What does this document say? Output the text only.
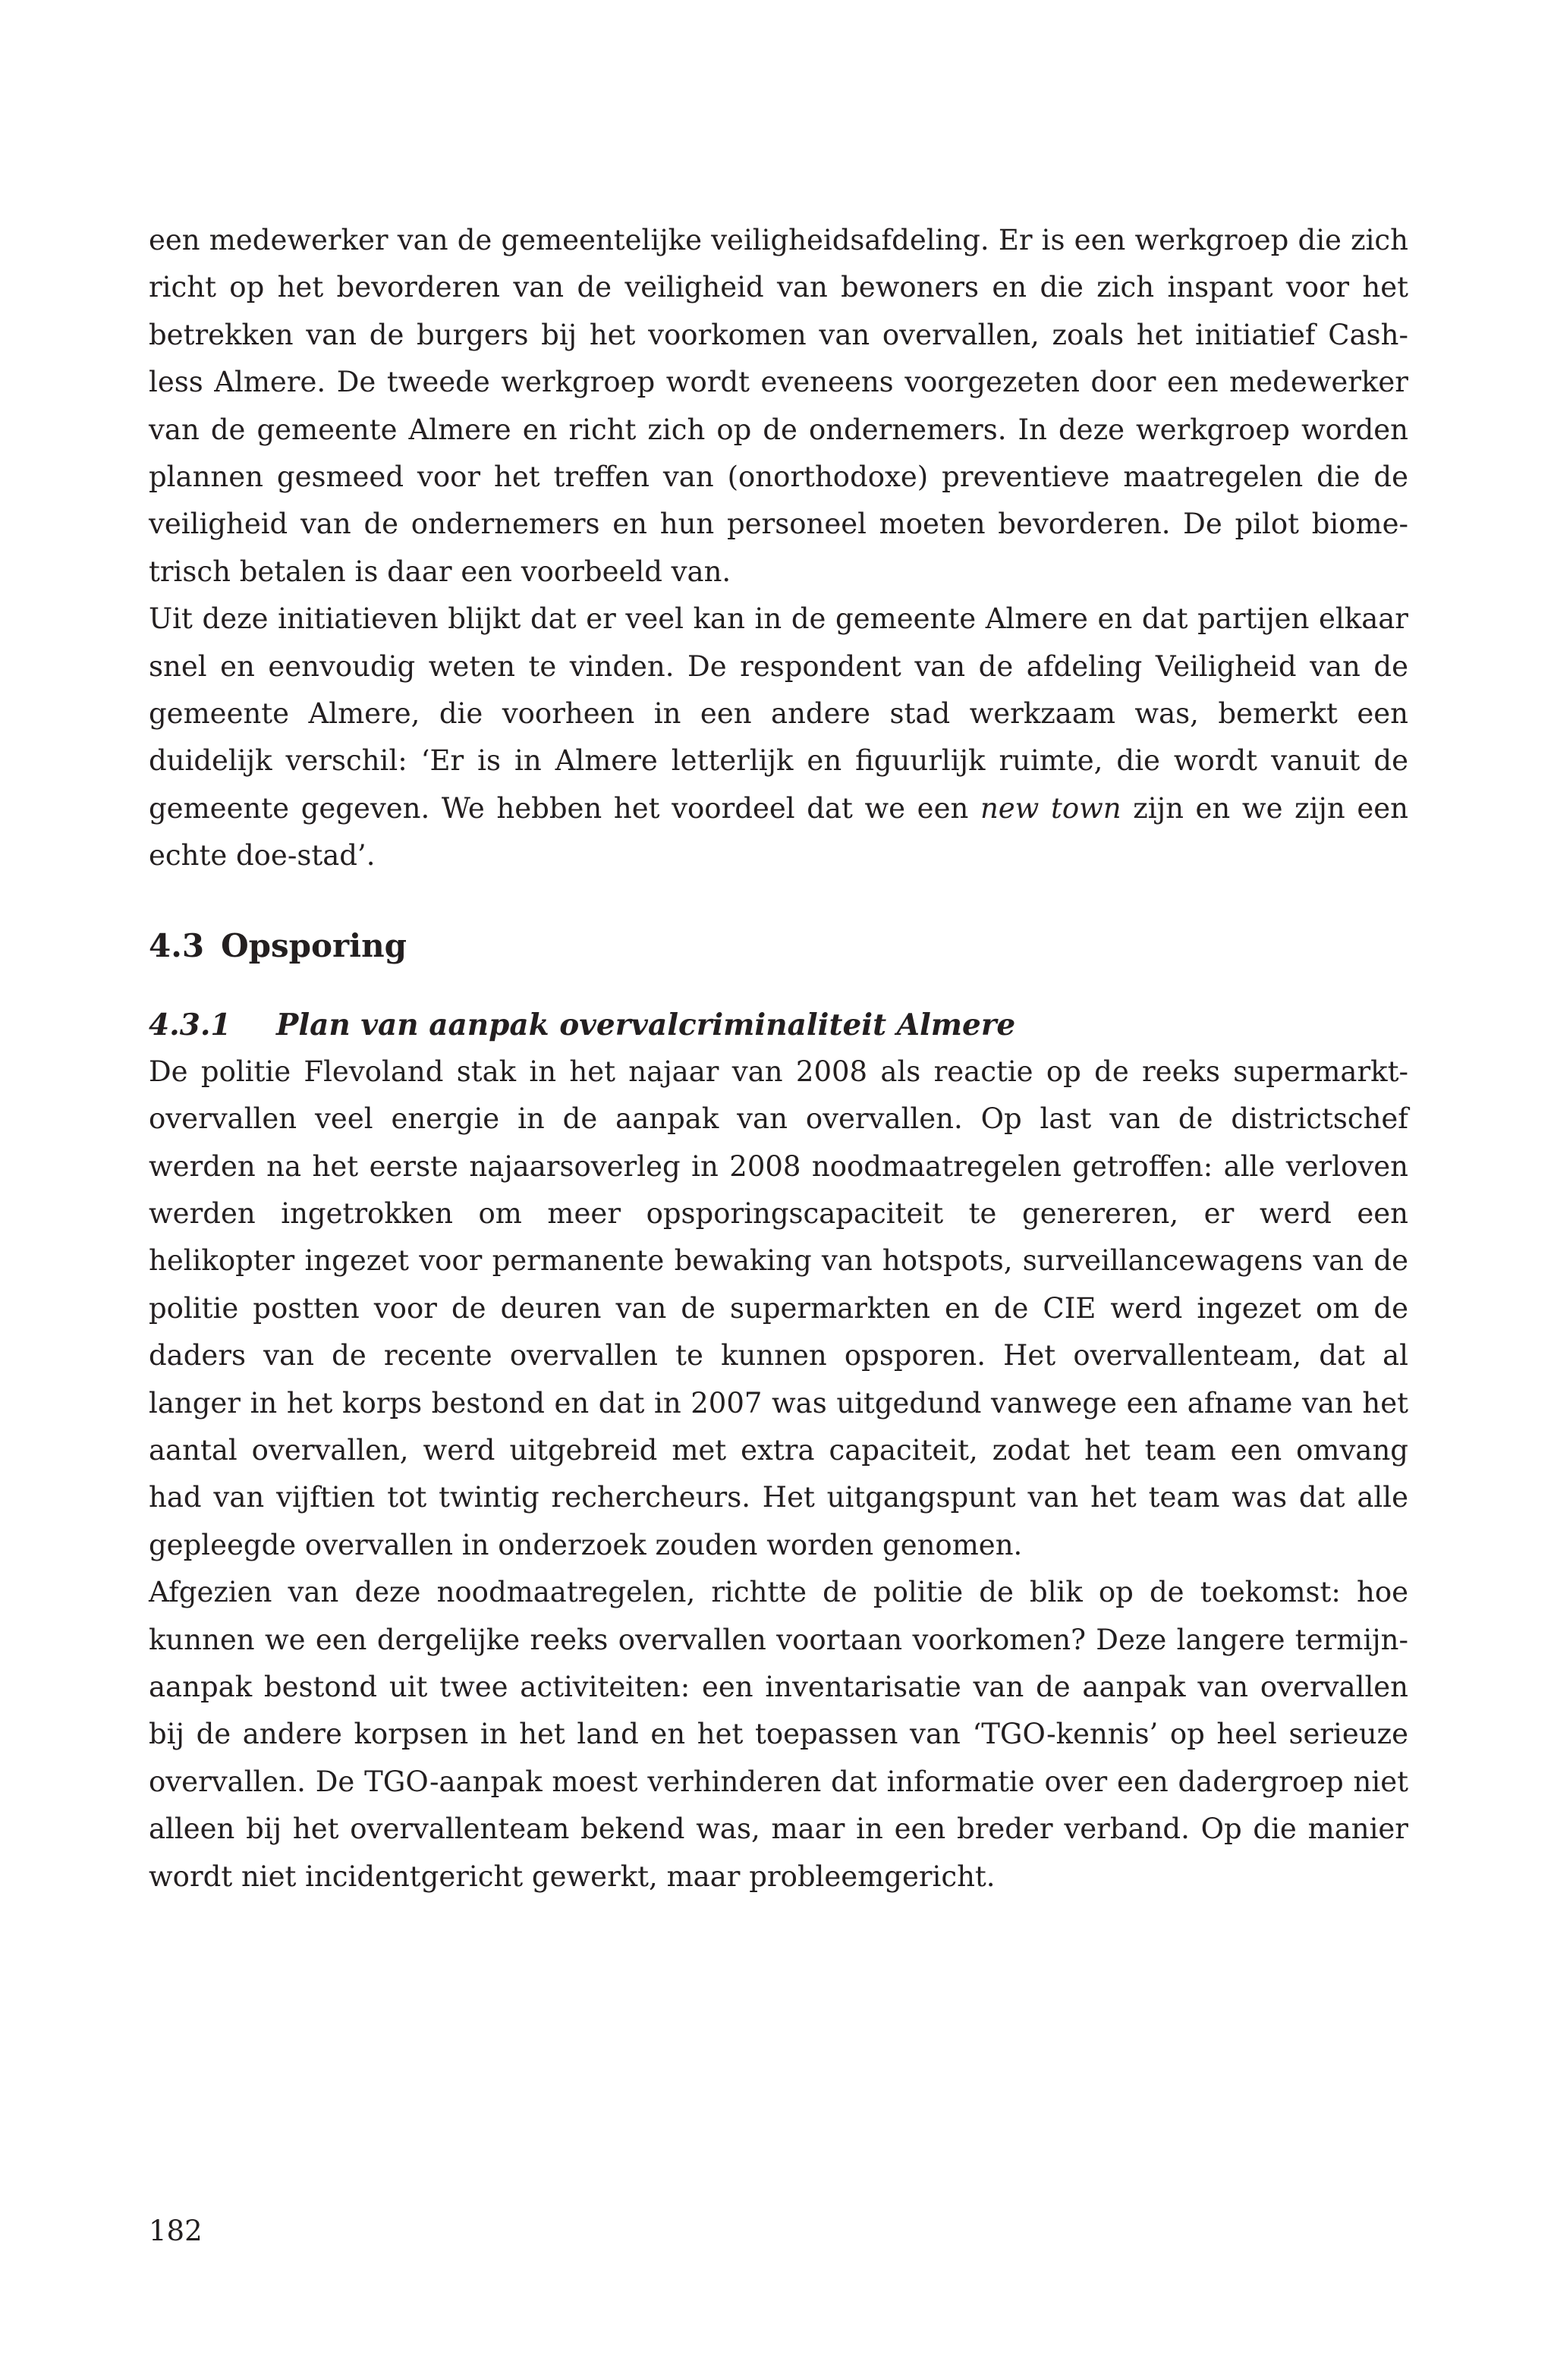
een medewerker van de gemeentelijke veiligheidsafdeling. Er is een werkgroep die zich richt op het bevorderen van de veiligheid van bewoners en die zich inspant voor het betrekken van de burgers bij het voorkomen van overvallen, zoals het initiatief Cashless Almere. De tweede werkgroep wordt eveneens voorgezeten door een medewerker van de gemeente Almere en richt zich op de ondernemers. In deze werkgroep worden plannen gesmeed voor het treffen van (onorthodoxe) preventieve maatregelen die de veiligheid van de ondernemers en hun personeel moeten bevorderen. De pilot biometrisch betalen is daar een voorbeeld van.

Uit deze initiatieven blijkt dat er veel kan in de gemeente Almere en dat partijen elkaar snel en eenvoudig weten te vinden. De respondent van de afdeling Veiligheid van de gemeente Almere, die voorheen in een andere stad werkzaam was, bemerkt een duidelijk verschil: ‘Er is in Almere letterlijk en figuurlijk ruimte, die wordt vanuit de gemeente gegeven. We hebben het voordeel dat we een new town zijn en we zijn een echte doe-stad’.

4.3 Opsporing
4.3.1 Plan van aanpak overvalcriminaliteit Almere

De politie Flevoland stak in het najaar van 2008 als reactie op de reeks supermarktovervallen veel energie in de aanpak van overvallen. Op last van de districtschef werden na het eerste najaarsoverleg in 2008 noodmaatregelen getroffen: alle verloven werden ingetrokken om meer opsporingscapaciteit te genereren, er werd een helikopter ingezet voor permanente bewaking van hotspots, surveillancewagens van de politie postten voor de deuren van de supermarkten en de CIE werd ingezet om de daders van de recente overvallen te kunnen opsporen. Het overvallenteam, dat al langer in het korps bestond en dat in 2007 was uitgedund vanwege een afname van het aantal overvallen, werd uitgebreid met extra capaciteit, zodat het team een omvang had van vijftien tot twintig rechercheurs. Het uitgangspunt van het team was dat alle gepleegde overvallen in onderzoek zouden worden genomen.

Afgezien van deze noodmaatregelen, richtte de politie de blik op de toekomst: hoe kunnen we een dergelijke reeks overvallen voortaan voorkomen? Deze langere termijnaanpak bestond uit twee activiteiten: een inventarisatie van de aanpak van overvallen bij de andere korpsen in het land en het toepassen van ‘TGO-kennis’ op heel serieuze overvallen. De TGO-aanpak moest verhinderen dat informatie over een dadergroep niet alleen bij het overvallenteam bekend was, maar in een breder verband. Op die manier wordt niet incidentgericht gewerkt, maar probleemgericht.

182
